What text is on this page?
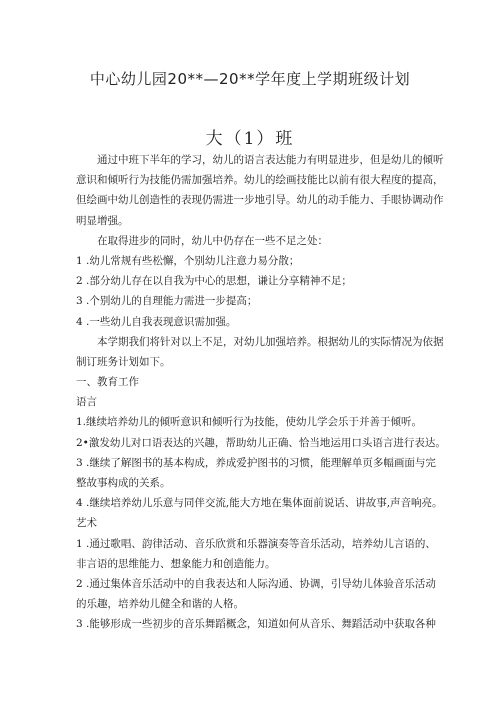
中心幼儿园20**—20**学年度上学期班级计划
大（1）班
通过中班下半年的学习，幼儿的语言表达能力有明显进步，但是幼儿的倾听
意识和倾听行为技能仍需加强培养。幼儿的绘画技能比以前有很大程度的提高，
但绘画中幼儿创造性的表现仍需进一步地引导。幼儿的动手能力、手眼协调动作
明显增强。
在取得进步的同时，幼儿中仍存在一些不足之处：
1 .幼儿常规有些松懈，个别幼儿注意力易分散；
2 .部分幼儿存在以自我为中心的思想，谦让分享精神不足；
3 .个别幼儿的自理能力需进一步提高；
4 .一些幼儿自我表现意识需加强。
本学期我们将针对以上不足，对幼儿加强培养。根据幼儿的实际情况为依据
制订班务计划如下。
一、教育工作
语言
1.继续培养幼儿的倾听意识和倾听行为技能，使幼儿学会乐于并善于倾听。
2•激发幼儿对口语表达的兴趣，帮助幼儿正确、恰当地运用口头语言进行表达。
3 .继续了解图书的基本构成，养成爱护图书的习惯，能理解单页多幅画面与完
整故事构成的关系。
4 .继续培养幼儿乐意与同伴交流,能大方地在集体面前说话、讲故事,声音响亮。
艺术
1 .通过歌唱、韵律活动、音乐欣赏和乐器演奏等音乐活动，培养幼儿言语的、
非言语的思维能力、想象能力和创造能力。
2 .通过集体音乐活动中的自我表达和人际沟通、协调，引导幼儿体验音乐活动
的乐趣，培养幼儿健全和谐的人格。
3 .能够形成一些初步的音乐舞蹈概念，知道如何从音乐、舞蹈活动中获取各种
